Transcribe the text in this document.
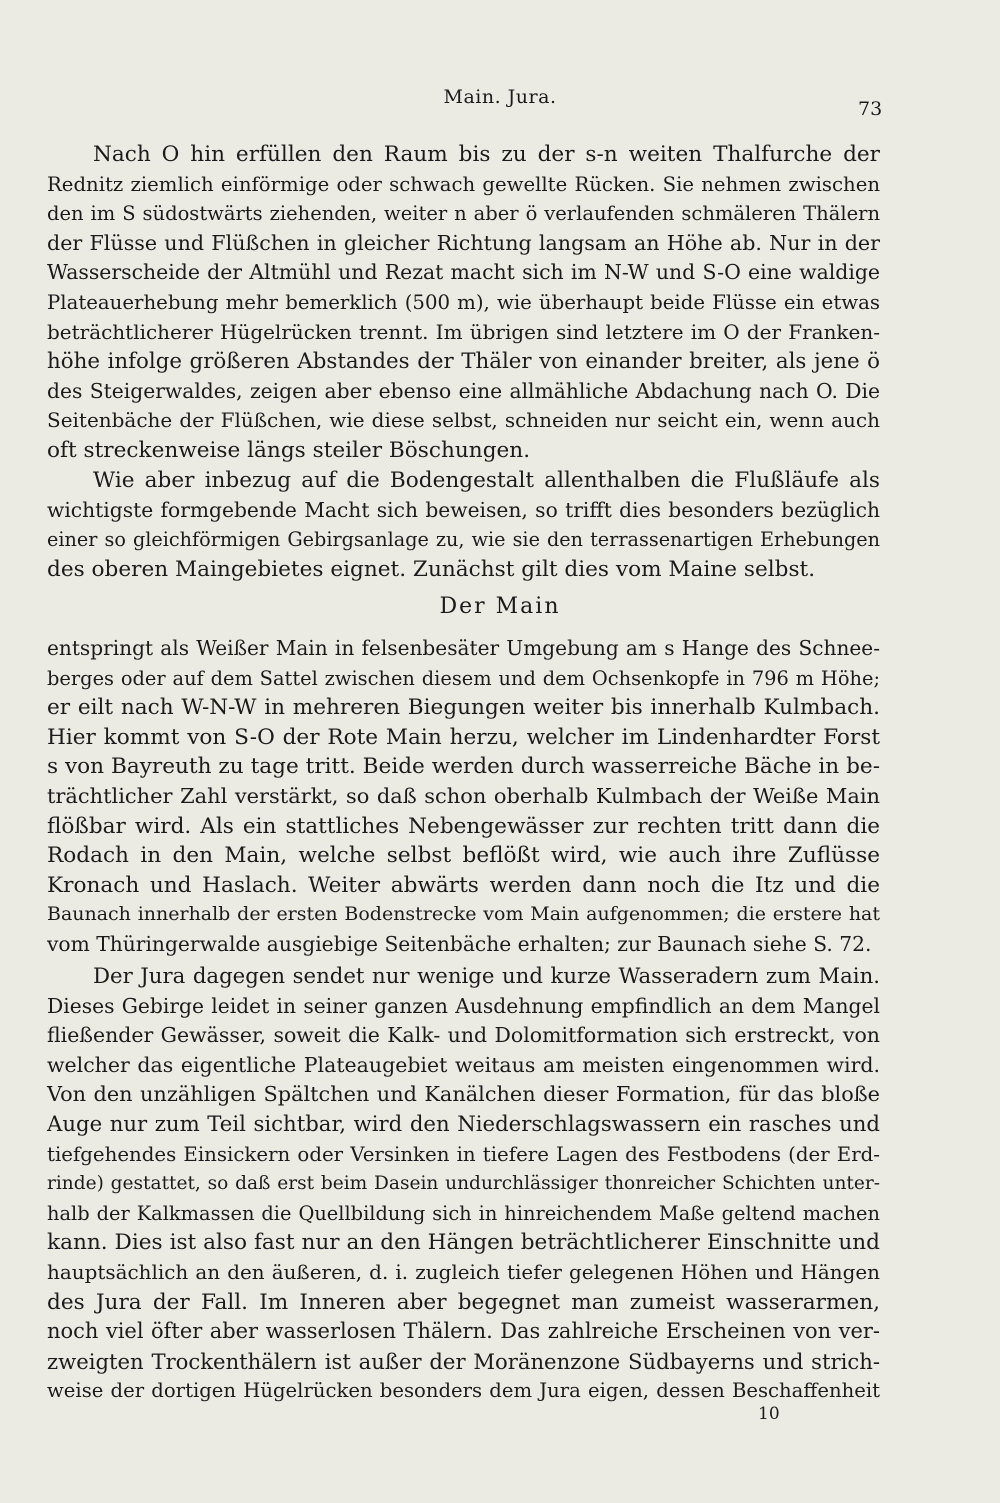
Main. Jura.
73
Nach O hin erfüllen den Raum bis zu der s-n weiten Thalfurche der
Rednitz ziemlich einförmige oder schwach gewellte Rücken. Sie nehmen zwischen
den im S südostwärts ziehenden, weiter n aber ö verlaufenden schmäleren Thälern
der Flüsse und Flüßchen in gleicher Richtung langsam an Höhe ab. Nur in der
Wasserscheide der Altmühl und Rezat macht sich im N-W und S-O eine waldige
Plateauerhebung mehr bemerklich (500 m), wie überhaupt beide Flüsse ein etwas
beträchtlicherer Hügelrücken trennt. Im übrigen sind letztere im O der Franken-
höhe infolge größeren Abstandes der Thäler von einander breiter, als jene ö
des Steigerwaldes, zeigen aber ebenso eine allmähliche Abdachung nach O. Die
Seitenbäche der Flüßchen, wie diese selbst, schneiden nur seicht ein, wenn auch
oft streckenweise längs steiler Böschungen.
Wie aber inbezug auf die Bodengestalt allenthalben die Flußläufe als
wichtigste formgebende Macht sich beweisen, so trifft dies besonders bezüglich
einer so gleichförmigen Gebirgsanlage zu, wie sie den terrassenartigen Erhebungen
des oberen Maingebietes eignet. Zunächst gilt dies vom Maine selbst.
Der Main
entspringt als Weißer Main in felsenbesäter Umgebung am s Hange des Schnee-
berges oder auf dem Sattel zwischen diesem und dem Ochsenkopfe in 796 m Höhe;
er eilt nach W-N-W in mehreren Biegungen weiter bis innerhalb Kulmbach.
Hier kommt von S-O der Rote Main herzu, welcher im Lindenhardter Forst
s von Bayreuth zu tage tritt. Beide werden durch wasserreiche Bäche in be-
trächtlicher Zahl verstärkt, so daß schon oberhalb Kulmbach der Weiße Main
flößbar wird. Als ein stattliches Nebengewässer zur rechten tritt dann die
Rodach in den Main, welche selbst beflößt wird, wie auch ihre Zuflüsse
Kronach und Haslach. Weiter abwärts werden dann noch die Itz und die
Baunach innerhalb der ersten Bodenstrecke vom Main aufgenommen; die erstere hat
vom Thüringerwalde ausgiebige Seitenbäche erhalten; zur Baunach siehe S. 72.
Der Jura dagegen sendet nur wenige und kurze Wasseradern zum Main.
Dieses Gebirge leidet in seiner ganzen Ausdehnung empfindlich an dem Mangel
fließender Gewässer, soweit die Kalk- und Dolomitformation sich erstreckt, von
welcher das eigentliche Plateaugebiet weitaus am meisten eingenommen wird.
Von den unzähligen Spältchen und Kanälchen dieser Formation, für das bloße
Auge nur zum Teil sichtbar, wird den Niederschlagswassern ein rasches und
tiefgehendes Einsickern oder Versinken in tiefere Lagen des Festbodens (der Erd-
rinde) gestattet, so daß erst beim Dasein undurchlässiger thonreicher Schichten unter-
halb der Kalkmassen die Quellbildung sich in hinreichendem Maße geltend machen
kann. Dies ist also fast nur an den Hängen beträchtlicherer Einschnitte und
hauptsächlich an den äußeren, d. i. zugleich tiefer gelegenen Höhen und Hängen
des Jura der Fall. Im Inneren aber begegnet man zumeist wasserarmen,
noch viel öfter aber wasserlosen Thälern. Das zahlreiche Erscheinen von ver-
zweigten Trockenthälern ist außer der Moränenzone Südbayerns und strich-
weise der dortigen Hügelrücken besonders dem Jura eigen, dessen Beschaffenheit
10
